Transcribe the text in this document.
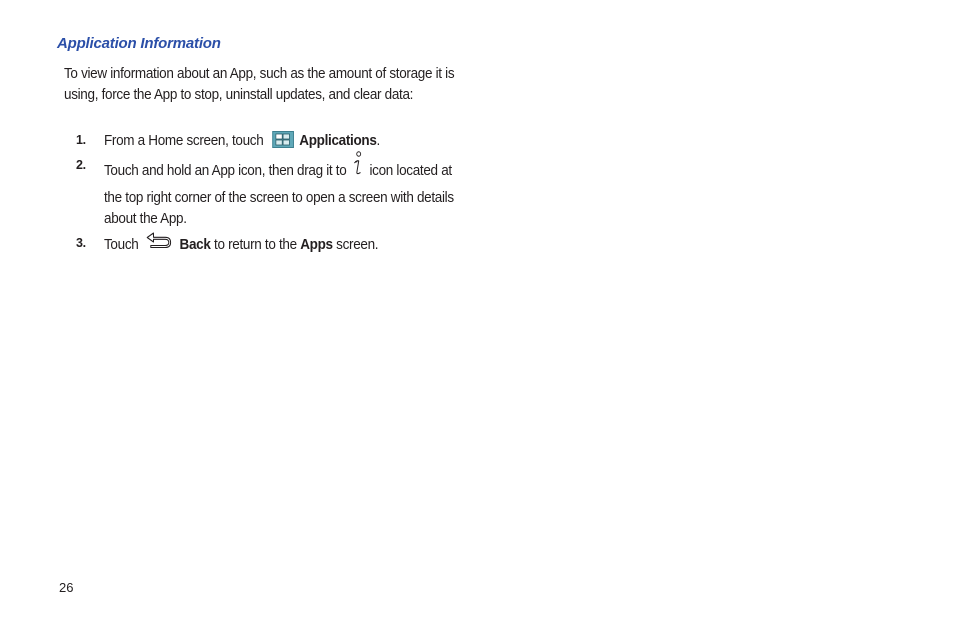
Application Information
To view information about an App, such as the amount of storage it is using, force the App to stop, uninstall updates, and clear data:
1. From a Home screen, touch Applications.
2. Touch and hold an App icon, then drag it to icon located at the top right corner of the screen to open a screen with details about the App.
3. Touch	Back to return to the Apps screen.
26
